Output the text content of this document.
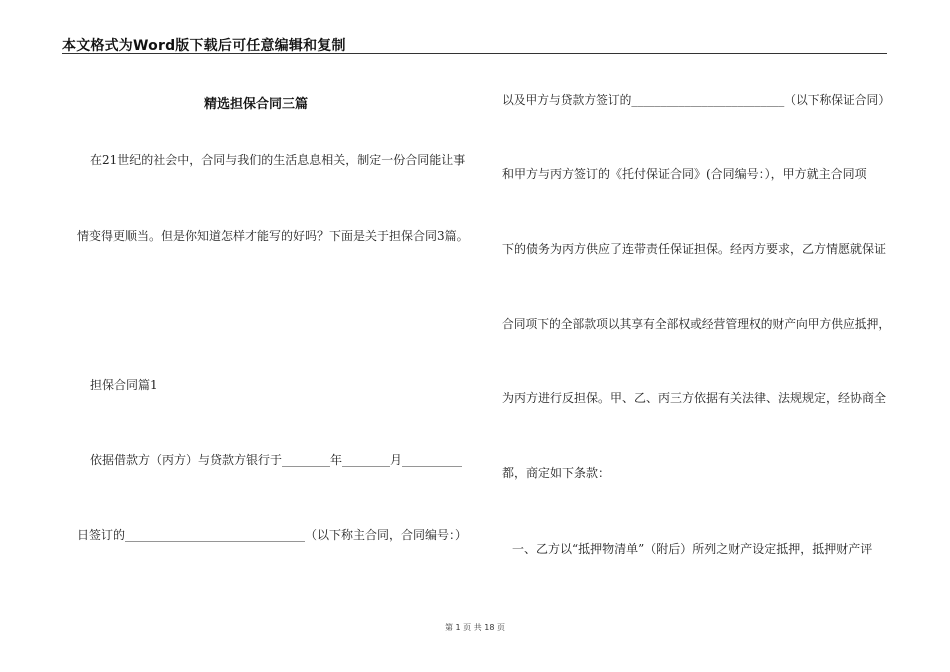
本文格式为Word版下载后可任意编辑和复制
精选担保合同三篇
在21世纪的社会中，合同与我们的生活息息相关，制定一份合同能让事
情变得更顺当。但是你知道怎样才能写的好吗？下面是关于担保合同3篇。
担保合同篇1
依据借款方（丙方）与贷款方银行于________年________月__________
日签订的______________________________（以下称主合同，合同编号：）
以及甲方与贷款方签订的__________________________（以下称保证合同）
和甲方与丙方签订的《托付保证合同》(合同编号：），甲方就主合同项
下的债务为丙方供应了连带责任保证担保。经丙方要求，乙方情愿就保证
合同项下的全部款项以其享有全部权或经营管理权的财产向甲方供应抵押，
为丙方进行反担保。甲、乙、丙三方依据有关法律、法规规定，经协商全
都，商定如下条款：
一、乙方以“抵押物清单”（附后）所列之财产设定抵押，抵押财产评
第 1 页 共 18 页
